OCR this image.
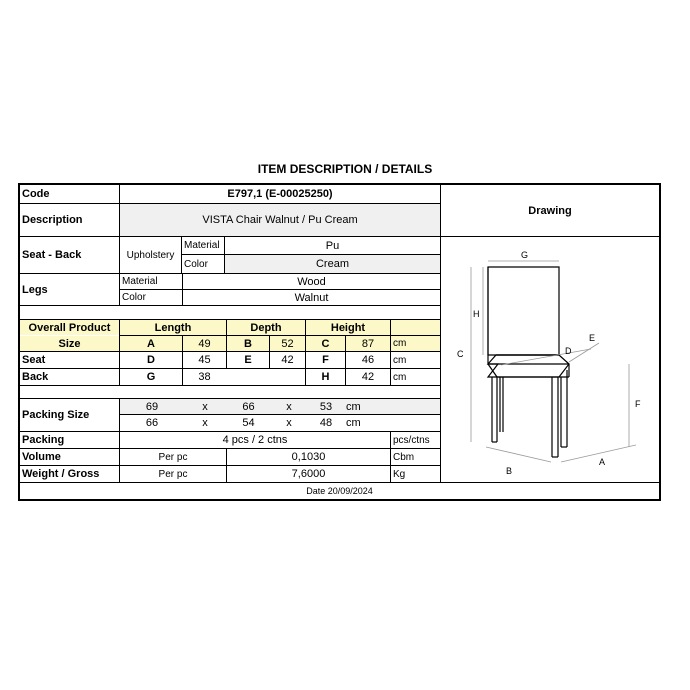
ITEM DESCRIPTION / DETAILS
Code	E797,1 (E-00025250)
Description	VISTA Chair Walnut / Pu Cream
Seat - Back	Upholstery
Material	Pu
Color	Cream
Legs
Material	Wood
Color	Walnut
Overall Product
Size
Length	Depth	Height
A	49	B	52	C	87	cm
Seat	D	45	E	42	F	46	cm
Back	G	38	H	42	cm
Packing Size
69	x	66	x	53	cm
66	x	54	x	48	cm
Packing	4 pcs / 2 ctns	pcs/ctns
Volume	Per pc	0,1030	Cbm
Weight / Gross	Per pc	7,6000	Kg
Date 20/09/2024
Drawing
G
H
C
F
E
D
B
A
